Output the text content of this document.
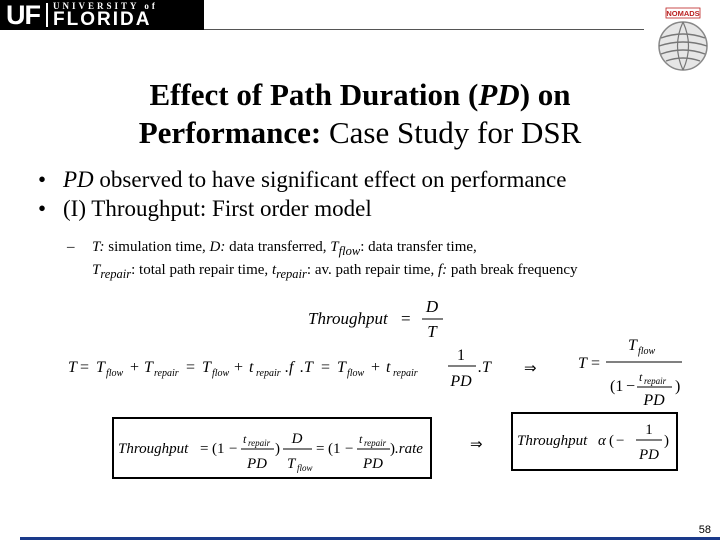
UF UNIVERSITY of
FLORIDA	NOMADS
Effect of Path Duration (PD) on
Performance: Case Study for DSR
• PD observed to have significant effect on performance
• (I) Throughput: First order model
– T: simulation time, D: data transferred, $T_{flow}$: data transfer time,
$T_{repair}$: total path repair time, $t_{repair}$: av. path repair time, f: path break frequency
Throughput =
D
T
T = T flow + T repair = T flow + t repair .f .T = T flow + t repair
1
PD
.T ⇒	T =
T flow
(1 −
t repair
PD
)
Throughput = (1 −
t repair
PD
)
D
T flow
= (1 −
t repair
PD
) .rate	⇒ Throughput α ( −
1
PD
)
58
